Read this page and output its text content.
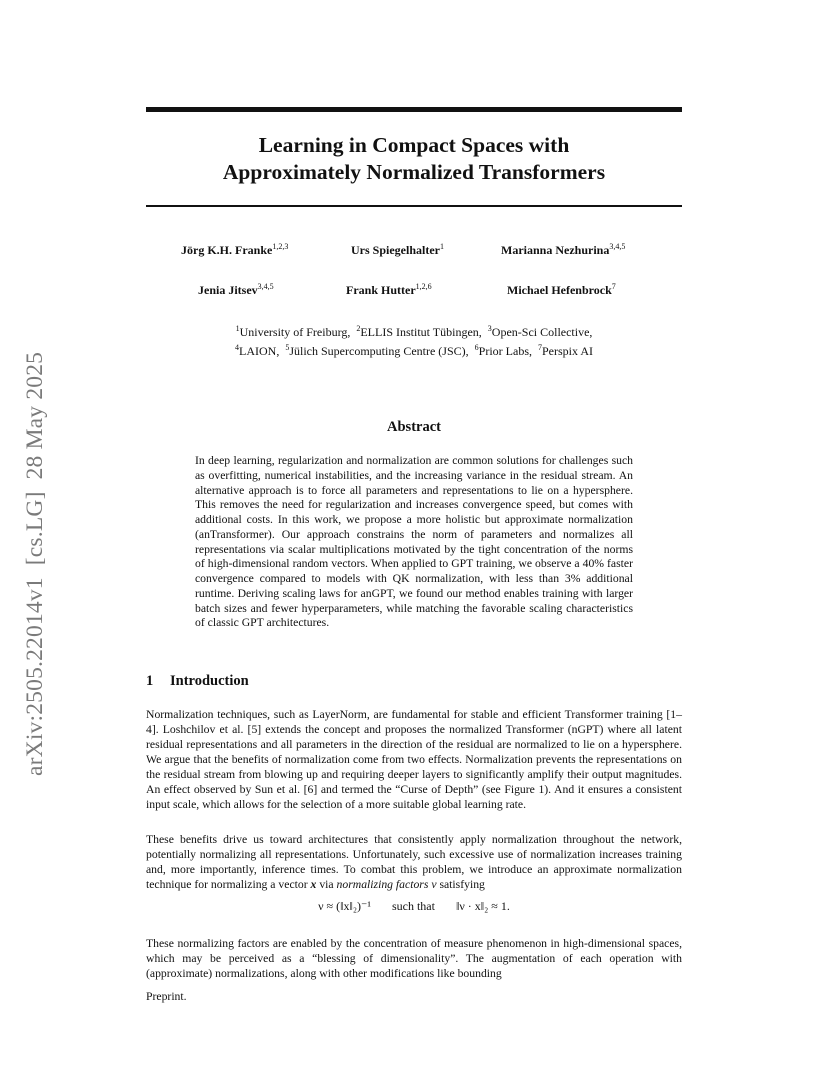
arXiv:2505.22014v1[cs.LG]28 May 2025
Learning in Compact Spaces with
Approximately Normalized Transformers
Jörg K.H. Franke$^{1,2,3}$	Urs Spiegelhalter$^1$	Marianna Nezhurina$^{3,4,5}$
Jenia Jitsev$^{3,4,5}$	Frank Hutter$^{1,2,6}$	Michael Hefenbrock$^7$
$^1$University of Freiburg, $^2$ELLIS Institut Tübingen, $^3$Open-Sci Collective,
$^4$LAION, $^5$Jülich Supercomputing Centre (JSC), $^6$Prior Labs, $^7$Perspix AI
Abstract
In deep learning, regularization and normalization are common solutions for challenges such as overfitting, numerical instabilities, and the increasing variance in the residual stream. An alternative approach is to force all parameters and representations to lie on a hypersphere. This removes the need for regularization and increases convergence speed, but comes with additional costs. In this work, we propose a more holistic but approximate normalization (anTransformer). Our approach constrains the norm of parameters and normalizes all representations via scalar multiplications motivated by the tight concentration of the norms of high-dimensional random vectors. When applied to GPT training, we observe a 40% faster convergence compared to models with QK normalization, with less than 3% additional runtime. Deriving scaling laws for anGPT, we found our method enables training with larger batch sizes and fewer hyperparameters, while matching the favorable scaling characteristics of classic GPT architectures.
1 Introduction
Normalization techniques, such as LayerNorm, are fundamental for stable and efficient Transformer training [1–4]. Loshchilov et al. [5] extends the concept and proposes the normalized Transformer (nGPT) where all latent residual representations and all parameters in the direction of the residual are normalized to lie on a hypersphere. We argue that the benefits of normalization come from two effects. Normalization prevents the representations on the residual stream from blowing up and requiring deeper layers to significantly amplify their output magnitudes. An effect observed by Sun et al. [6] and termed the “Curse of Depth” (see Figure 1). And it ensures a consistent input scale, which allows for the selection of a more suitable global learning rate.
These benefits drive us toward architectures that consistently apply normalization throughout the network, potentially normalizing all representations. Unfortunately, such excessive use of normalization increases training and, more importantly, inference times. To combat this problem, we introduce an approximate normalization technique for normalizing a vector x via normalizing factors ν satisfying
ν ≈ (‖x‖₂)⁻¹ such that ‖ν · x‖₂ ≈ 1.
These normalizing factors are enabled by the concentration of measure phenomenon in high-dimensional spaces, which may be perceived as a “blessing of dimensionality”. The augmentation of each operation with (approximate) normalizations, along with other modifications like bounding
Preprint.
